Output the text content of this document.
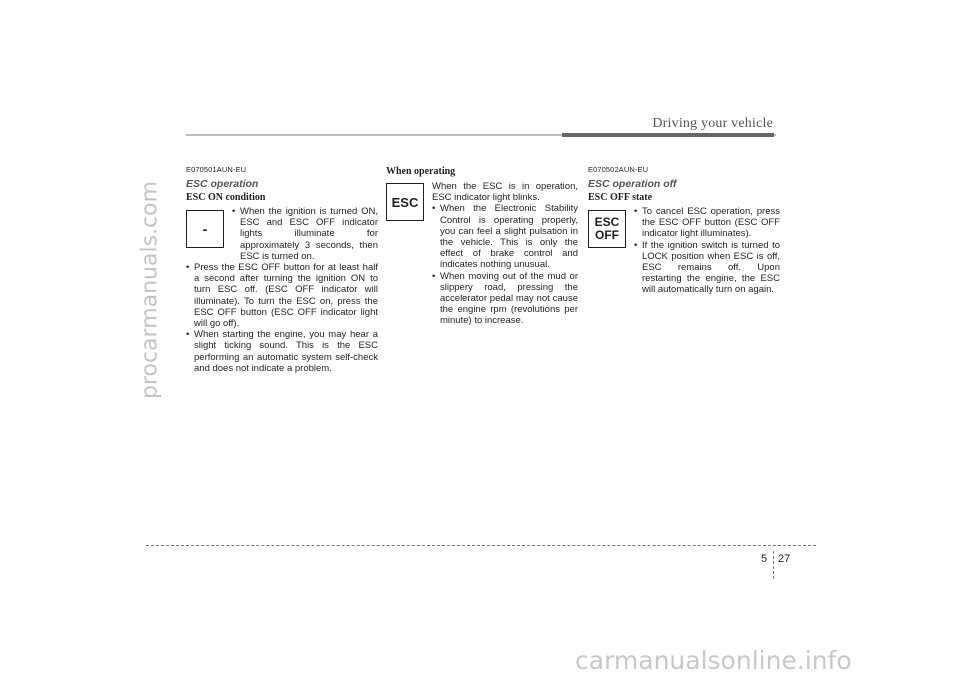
procarmanuals.com
Driving your vehicle
E070501AUN-EU
ESC operation
ESC ON condition
-
• When the ignition is turned ON, ESC and ESC OFF indicator lights illuminate for approximately 3 seconds, then ESC is turned on.
• Press the ESC OFF button for at least half a second after turning the ignition ON to turn ESC off. (ESC OFF indicator will illuminate). To turn the ESC on, press the ESC OFF button (ESC OFF indicator light will go off).
• When starting the engine, you may hear a slight ticking sound. This is the ESC performing an automatic system self-check and does not indicate a problem.
When operating
ESC
When the ESC is in operation, ESC indicator light blinks.
• When the Electronic Stability Control is operating properly, you can feel a slight pulsation in the vehicle. This is only the effect of brake control and indicates nothing unusual.
• When moving out of the mud or slippery road, pressing the accelerator pedal may not cause the engine rpm (revolutions per minute) to increase.
E070502AUN-EU
ESC operation off
ESC OFF state
ESC
OFF
• To cancel ESC operation, press the ESC OFF button (ESC OFF indicator light illuminates).
• If the ignition switch is turned to LOCK position when ESC is off, ESC remains off. Upon restarting the engine, the ESC will automatically turn on again.
5 27
carmanualsonline.info
